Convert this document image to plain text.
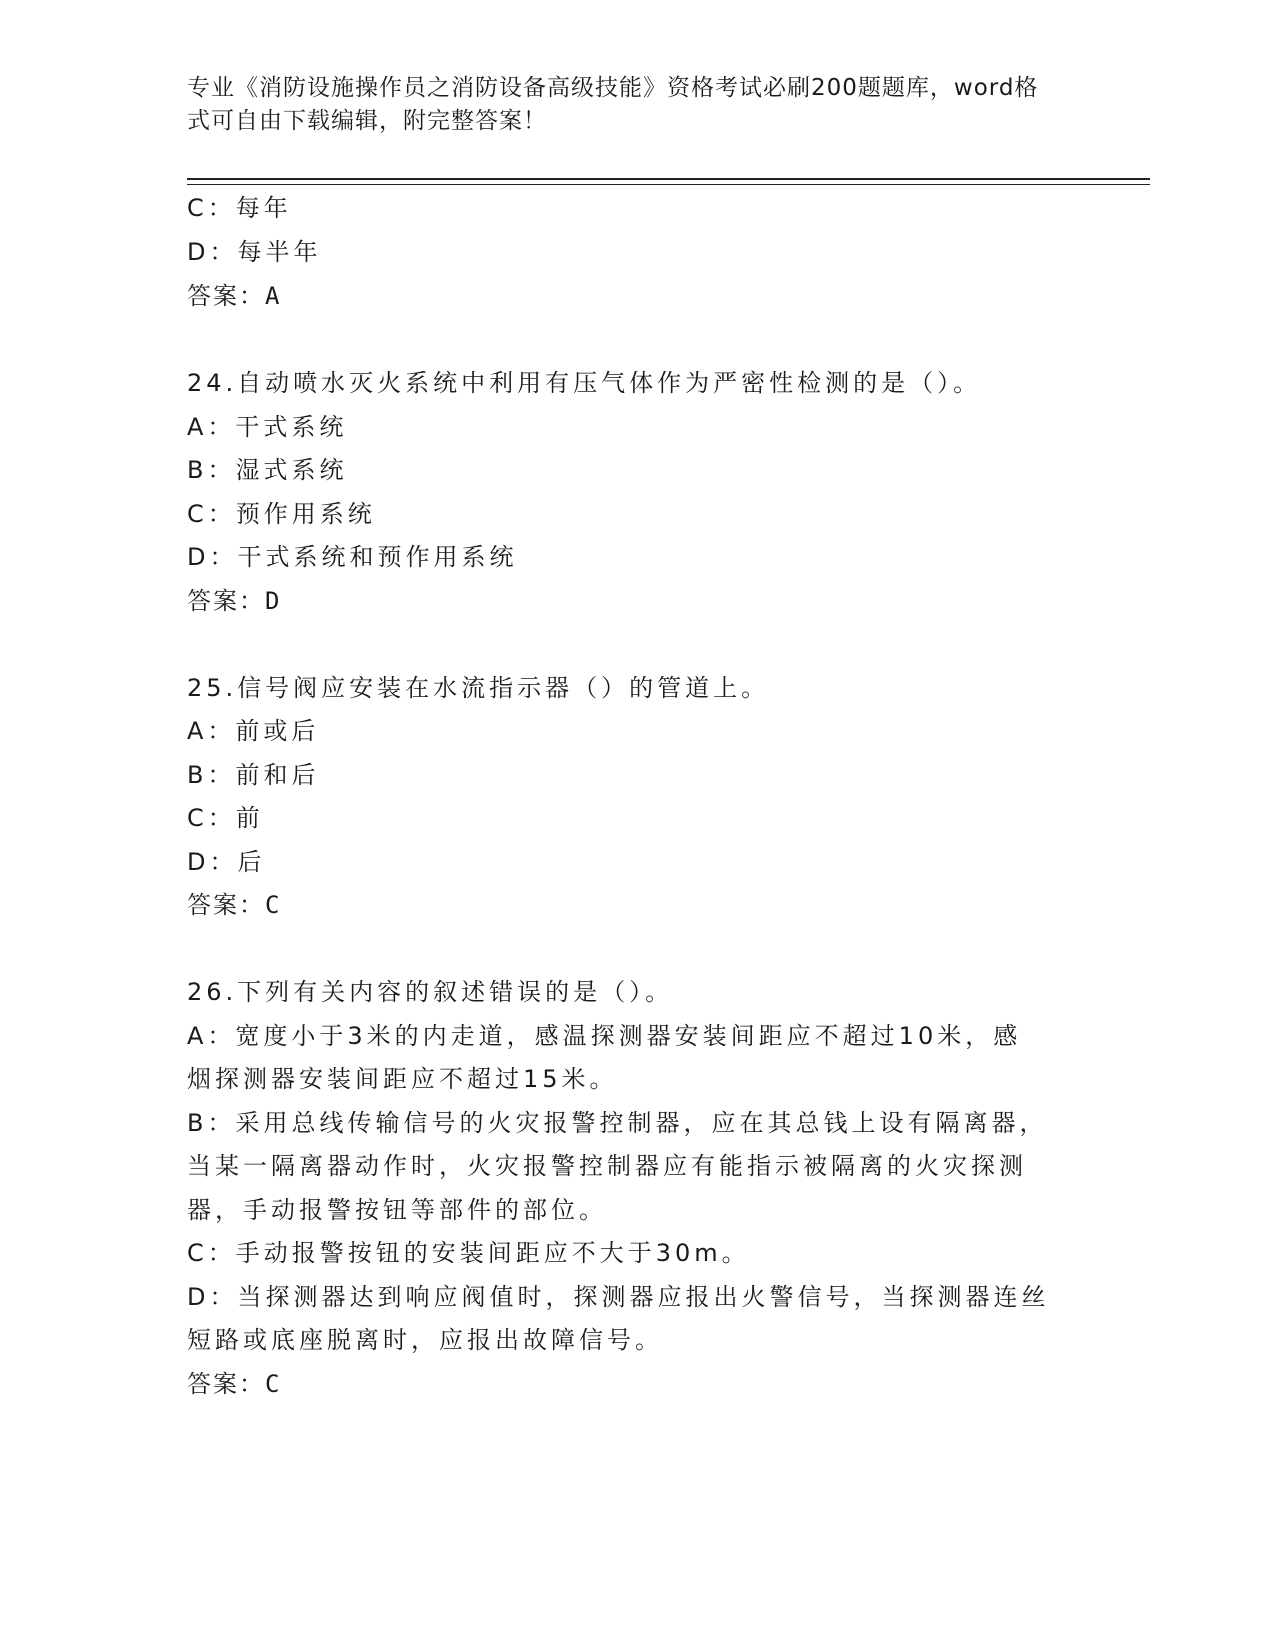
专业《消防设施操作员之消防设备高级技能》资格考试必刷200题题库，word格
式可自由下载编辑，附完整答案！
C：每年
D：每半年
答案：A
24.自动喷水灭火系统中利用有压气体作为严密性检测的是（）。
A：干式系统
B：湿式系统
C：预作用系统
D：干式系统和预作用系统
答案：D
25.信号阀应安装在水流指示器（）的管道上。
A：前或后
B：前和后
C：前
D：后
答案：C
26.下列有关内容的叙述错误的是（）。
A：宽度小于3米的内走道，感温探测器安装间距应不超过10米，感
烟探测器安装间距应不超过15米。
B：采用总线传输信号的火灾报警控制器，应在其总钱上设有隔离器，
当某一隔离器动作时，火灾报警控制器应有能指示被隔离的火灾探测
器，手动报警按钮等部件的部位。
C：手动报警按钮的安装间距应不大于30m。
D：当探测器达到响应阀值时，探测器应报出火警信号，当探测器连丝
短路或底座脱离时，应报出故障信号。
答案：C
